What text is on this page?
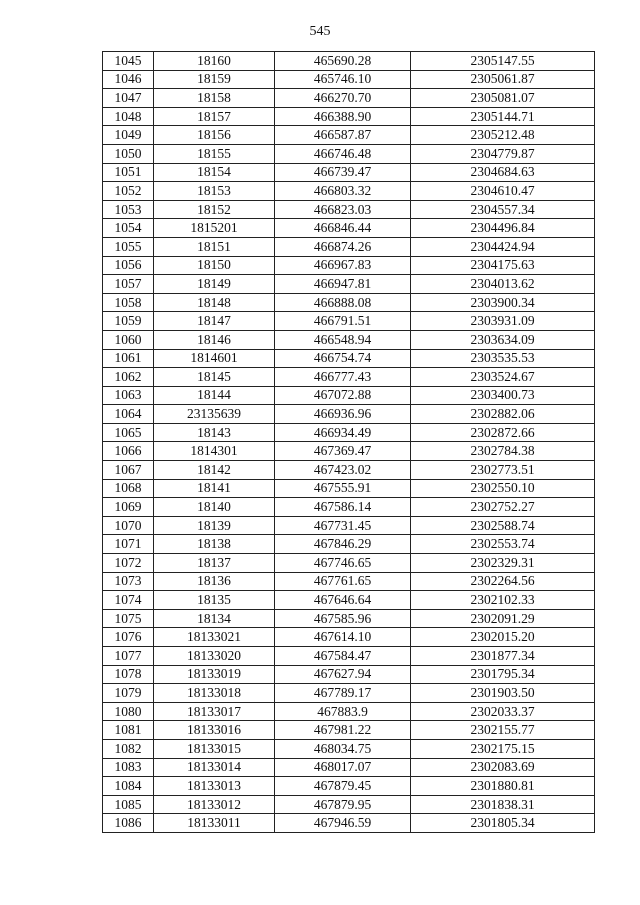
545
1045	18160	465690.28	2305147.55
1046	18159	465746.10	2305061.87
1047	18158	466270.70	2305081.07
1048	18157	466388.90	2305144.71
1049	18156	466587.87	2305212.48
1050	18155	466746.48	2304779.87
1051	18154	466739.47	2304684.63
1052	18153	466803.32	2304610.47
1053	18152	466823.03	2304557.34
1054	1815201	466846.44	2304496.84
1055	18151	466874.26	2304424.94
1056	18150	466967.83	2304175.63
1057	18149	466947.81	2304013.62
1058	18148	466888.08	2303900.34
1059	18147	466791.51	2303931.09
1060	18146	466548.94	2303634.09
1061	1814601	466754.74	2303535.53
1062	18145	466777.43	2303524.67
1063	18144	467072.88	2303400.73
1064	23135639	466936.96	2302882.06
1065	18143	466934.49	2302872.66
1066	1814301	467369.47	2302784.38
1067	18142	467423.02	2302773.51
1068	18141	467555.91	2302550.10
1069	18140	467586.14	2302752.27
1070	18139	467731.45	2302588.74
1071	18138	467846.29	2302553.74
1072	18137	467746.65	2302329.31
1073	18136	467761.65	2302264.56
1074	18135	467646.64	2302102.33
1075	18134	467585.96	2302091.29
1076	18133021	467614.10	2302015.20
1077	18133020	467584.47	2301877.34
1078	18133019	467627.94	2301795.34
1079	18133018	467789.17	2301903.50
1080	18133017	467883.9	2302033.37
1081	18133016	467981.22	2302155.77
1082	18133015	468034.75	2302175.15
1083	18133014	468017.07	2302083.69
1084	18133013	467879.45	2301880.81
1085	18133012	467879.95	2301838.31
1086	18133011	467946.59	2301805.34
